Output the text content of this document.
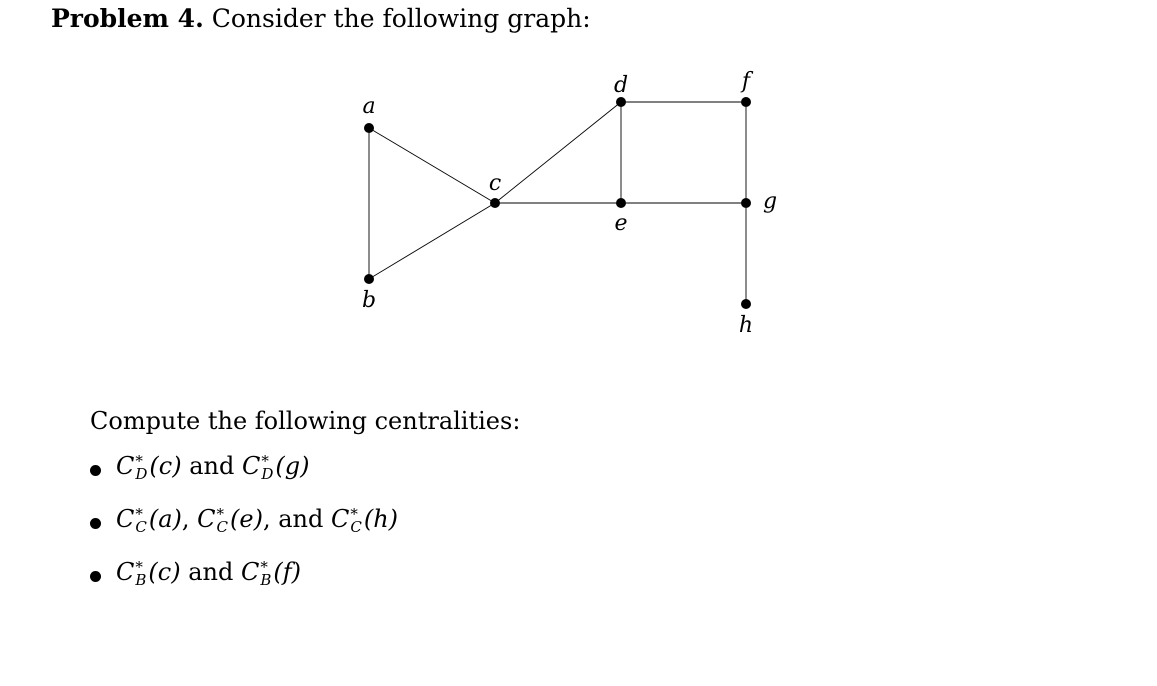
Problem 4. Consider the following graph:
a
b
c
d
e
f
g
h
Compute the following centralities:
C *
D (c) and C *
D (g)
C *
C (a), C *
C (e), and C *
C (h)
C *
B (c) and C *
B (f)
